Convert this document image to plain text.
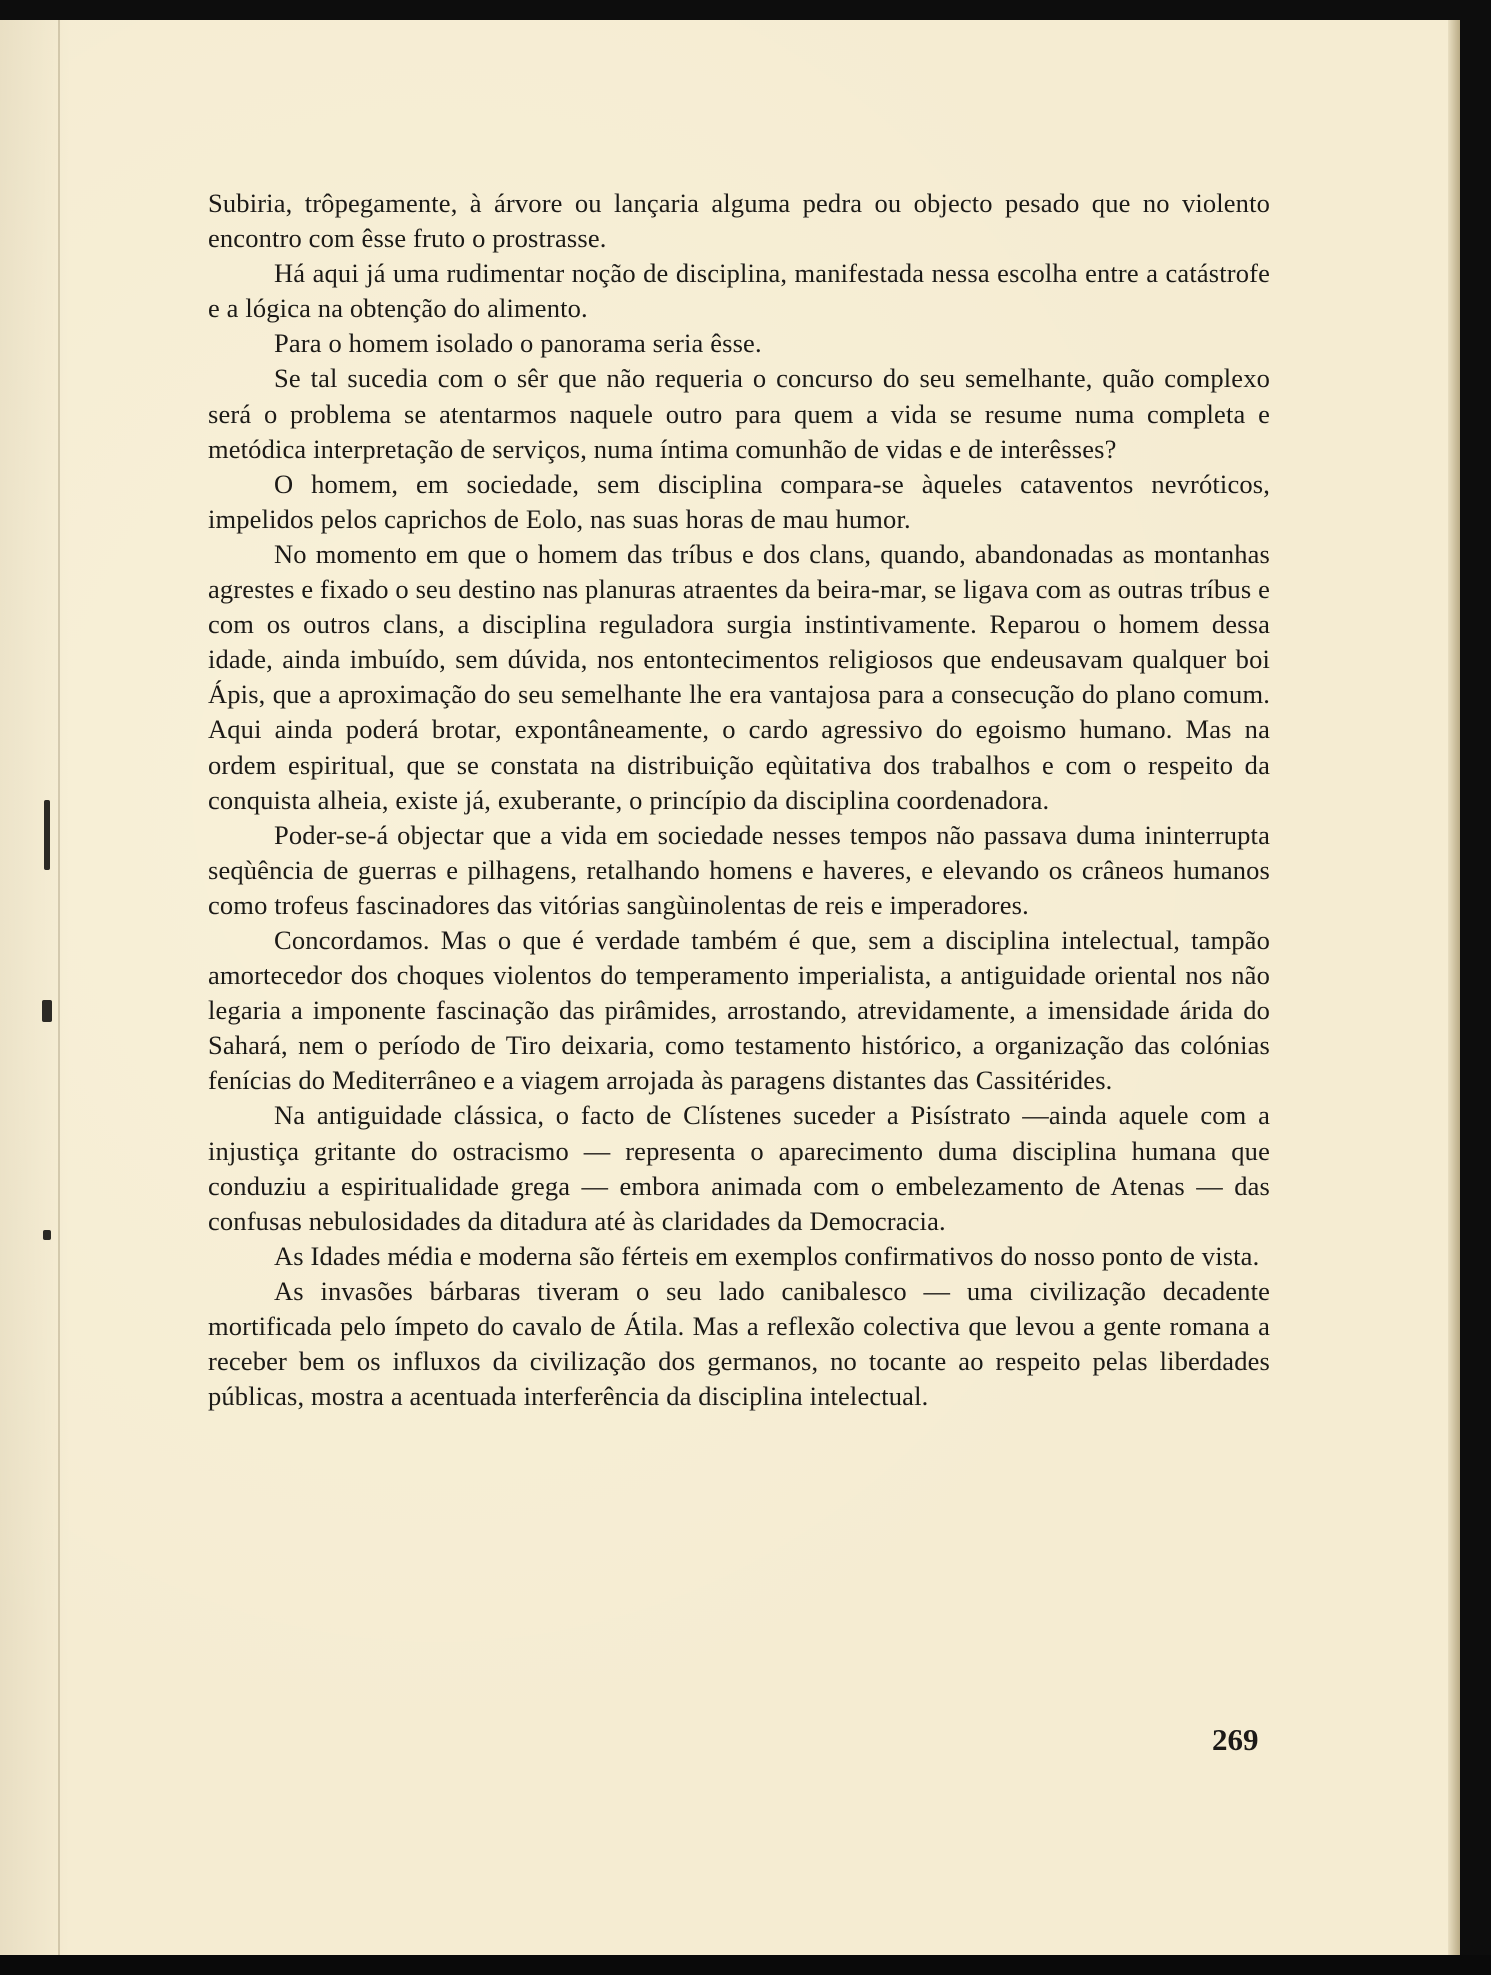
Subiria, trôpegamente, à árvore ou lançaria alguma pedra ou objecto pesado que no violento encontro com êsse fruto o prostrasse.

Há aqui já uma rudimentar noção de disciplina, manifestada nessa escolha entre a catástrofe e a lógica na obtenção do alimento.

Para o homem isolado o panorama seria êsse.

Se tal sucedia com o sêr que não requeria o concurso do seu semelhante, quão complexo será o problema se atentarmos naquele outro para quem a vida se resume numa completa e metódica interpretação de serviços, numa íntima comunhão de vidas e de interêsses?

O homem, em sociedade, sem disciplina compara-se àqueles cataventos nevróticos, impelidos pelos caprichos de Eolo, nas suas horas de mau humor.

No momento em que o homem das tríbus e dos clans, quando, abandonadas as montanhas agrestes e fixado o seu destino nas planuras atraentes da beira-mar, se ligava com as outras tríbus e com os outros clans, a disciplina reguladora surgia instintivamente. Reparou o homem dessa idade, ainda imbuído, sem dúvida, nos entontecimentos religiosos que endeusavam qualquer boi Ápis, que a aproximação do seu semelhante lhe era vantajosa para a consecução do plano comum. Aqui ainda poderá brotar, expontâneamente, o cardo agressivo do egoismo humano. Mas na ordem espiritual, que se constata na distribuição eqùitativa dos trabalhos e com o respeito da conquista alheia, existe já, exuberante, o princípio da disciplina coordenadora.

Poder-se-á objectar que a vida em sociedade nesses tempos não passava duma ininterrupta seqùência de guerras e pilhagens, retalhando homens e haveres, e elevando os crâneos humanos como trofeus fascinadores das vitórias sangùinolentas de reis e imperadores.

Concordamos. Mas o que é verdade também é que, sem a disciplina intelectual, tampão amortecedor dos choques violentos do temperamento imperialista, a antiguidade oriental nos não legaria a imponente fascinação das pirâmides, arrostando, atrevidamente, a imensidade árida do Sahará, nem o período de Tiro deixaria, como testamento histórico, a organização das colónias fenícias do Mediterrâneo e a viagem arrojada às paragens distantes das Cassitérides.

Na antiguidade clássica, o facto de Clístenes suceder a Pisístrato —ainda aquele com a injustiça gritante do ostracismo — representa o aparecimento duma disciplina humana que conduziu a espiritualidade grega — embora animada com o embelezamento de Atenas — das confusas nebulosidades da ditadura até às claridades da Democracia.

As Idades média e moderna são férteis em exemplos confirmativos do nosso ponto de vista.

As invasões bárbaras tiveram o seu lado canibalesco — uma civilização decadente mortificada pelo ímpeto do cavalo de Átila. Mas a reflexão colectiva que levou a gente romana a receber bem os influxos da civilização dos germanos, no tocante ao respeito pelas liberdades públicas, mostra a acentuada interferência da disciplina intelectual.

269
